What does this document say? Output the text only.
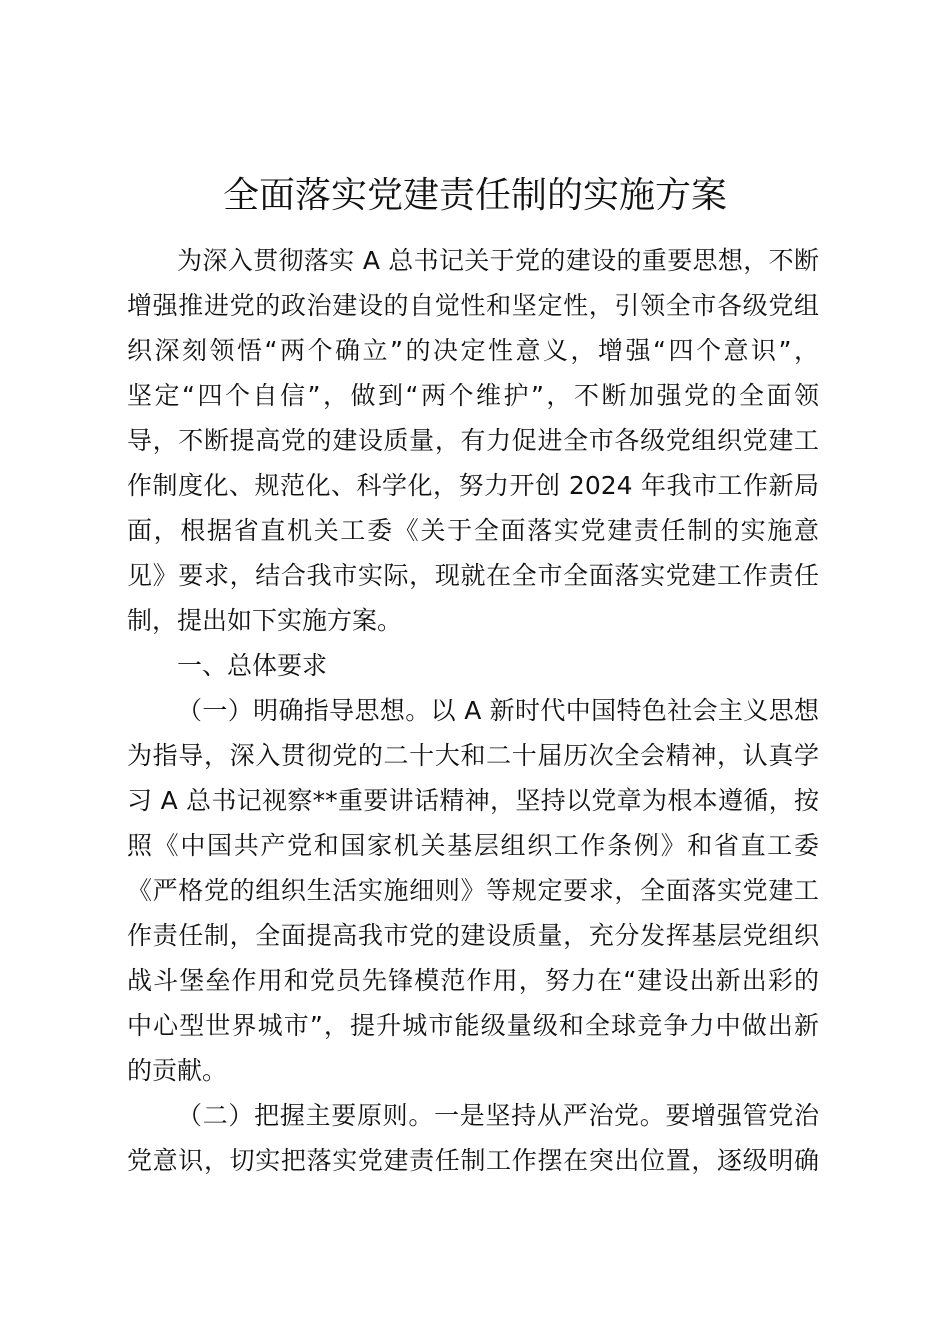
全面落实党建责任制的实施方案
为深入贯彻落实 A 总书记关于党的建设的重要思想，不断
增强推进党的政治建设的自觉性和坚定性，引领全市各级党组
织深刻领悟“两个确立”的决定性意义，增强“四个意识”，
坚定“四个自信”，做到“两个维护”，不断加强党的全面领
导，不断提高党的建设质量，有力促进全市各级党组织党建工
作制度化、规范化、科学化，努力开创 2024 年我市工作新局
面，根据省直机关工委《关于全面落实党建责任制的实施意
见》要求，结合我市实际，现就在全市全面落实党建工作责任
制，提出如下实施方案。
一、总体要求
（一）明确指导思想。以 A 新时代中国特色社会主义思想
为指导，深入贯彻党的二十大和二十届历次全会精神，认真学
习 A 总书记视察**重要讲话精神，坚持以党章为根本遵循，按
照《中国共产党和国家机关基层组织工作条例》和省直工委
《严格党的组织生活实施细则》等规定要求，全面落实党建工
作责任制，全面提高我市党的建设质量，充分发挥基层党组织
战斗堡垒作用和党员先锋模范作用，努力在“建设出新出彩的
中心型世界城市”，提升城市能级量级和全球竞争力中做出新
的贡献。
（二）把握主要原则。一是坚持从严治党。要增强管党治
党意识，切实把落实党建责任制工作摆在突出位置，逐级明确
